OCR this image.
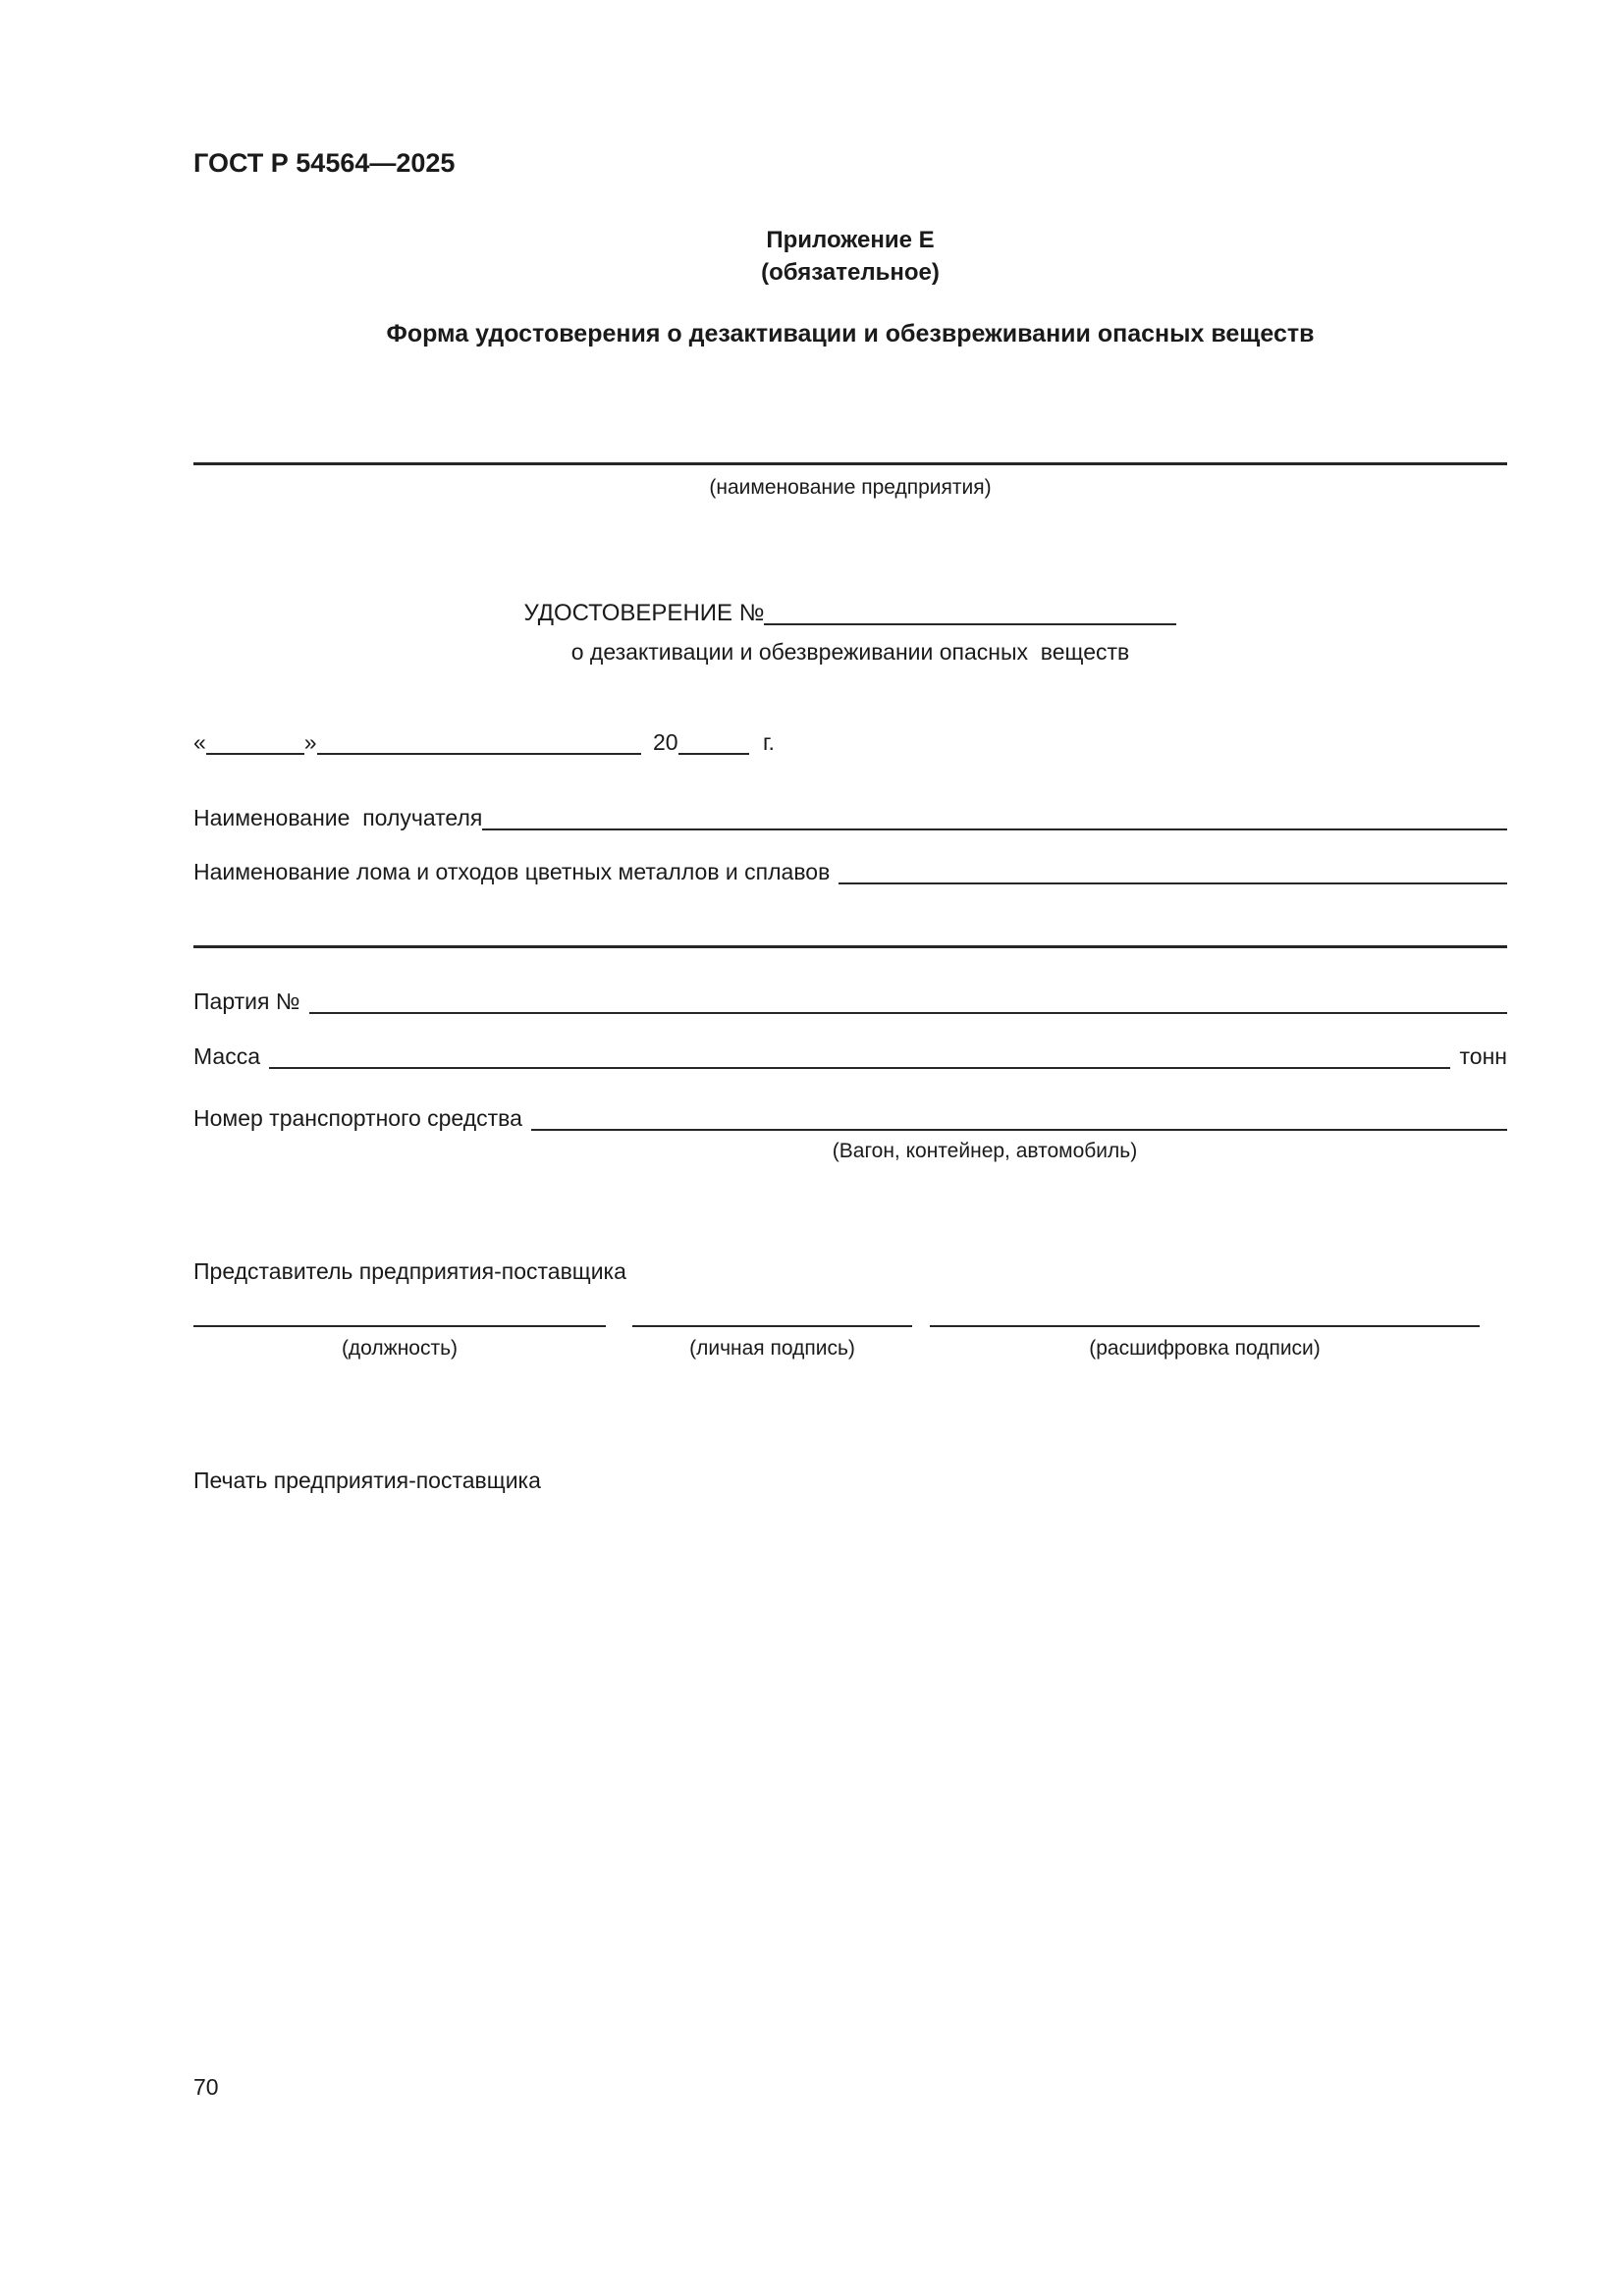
ГОСТ Р 54564—2025
Приложение Е
(обязательное)
Форма удостоверения о дезактивации и обезвреживании опасных веществ
(наименование предприятия)
УДОСТОВЕРЕНИЕ №
о дезактивации и обезвреживании опасных  веществ
«	»	20	г.
Наименование  получателя
Наименование лома и отходов цветных металлов и сплавов
Партия №
Масса	тонн
Номер транспортного средства
(Вагон, контейнер, автомобиль)
Представитель предприятия-поставщика
(должность)	(личная подпись)	(расшифровка подписи)
Печать предприятия-поставщика
70
